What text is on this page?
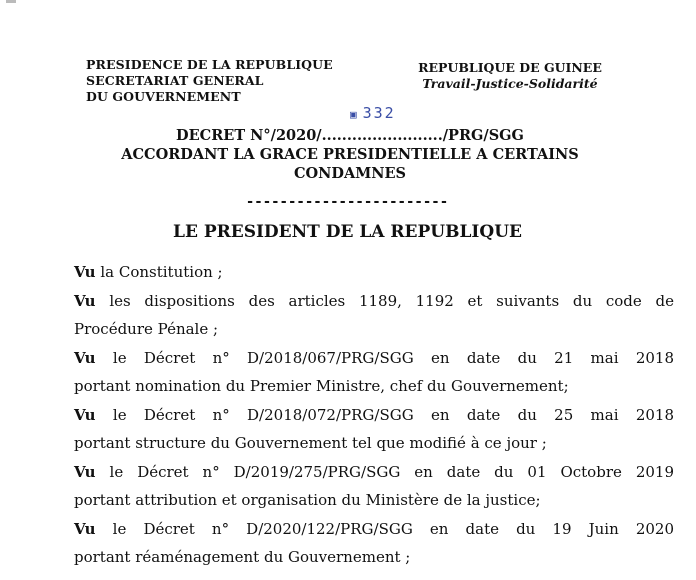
PRESIDENCE DE LA REPUBLIQUE
SECRETARIAT GENERAL
DU GOUVERNEMENT
REPUBLIQUE DE GUINEE
Travail-Justice-Solidarité
▣ 332
DECRET N°/2020/......................../PRG/SGG
ACCORDANT LA GRACE PRESIDENTIELLE A CERTAINS
CONDAMNES
------------------------
LE PRESIDENT DE LA REPUBLIQUE
Vu la Constitution ;
Vu les dispositions des articles 1189, 1192 et suivants du code de
Procédure Pénale ;
Vu le Décret n° D/2018/067/PRG/SGG en date du 21 mai 2018
portant nomination du Premier Ministre, chef du Gouvernement;
Vu le Décret n° D/2018/072/PRG/SGG en date du 25 mai 2018
portant structure du Gouvernement tel que modifié à ce jour ;
Vu le Décret n° D/2019/275/PRG/SGG en date du 01 Octobre 2019
portant attribution et organisation du Ministère de la justice;
Vu le Décret n° D/2020/122/PRG/SGG en date du 19 Juin 2020
portant réaménagement du Gouvernement ;
